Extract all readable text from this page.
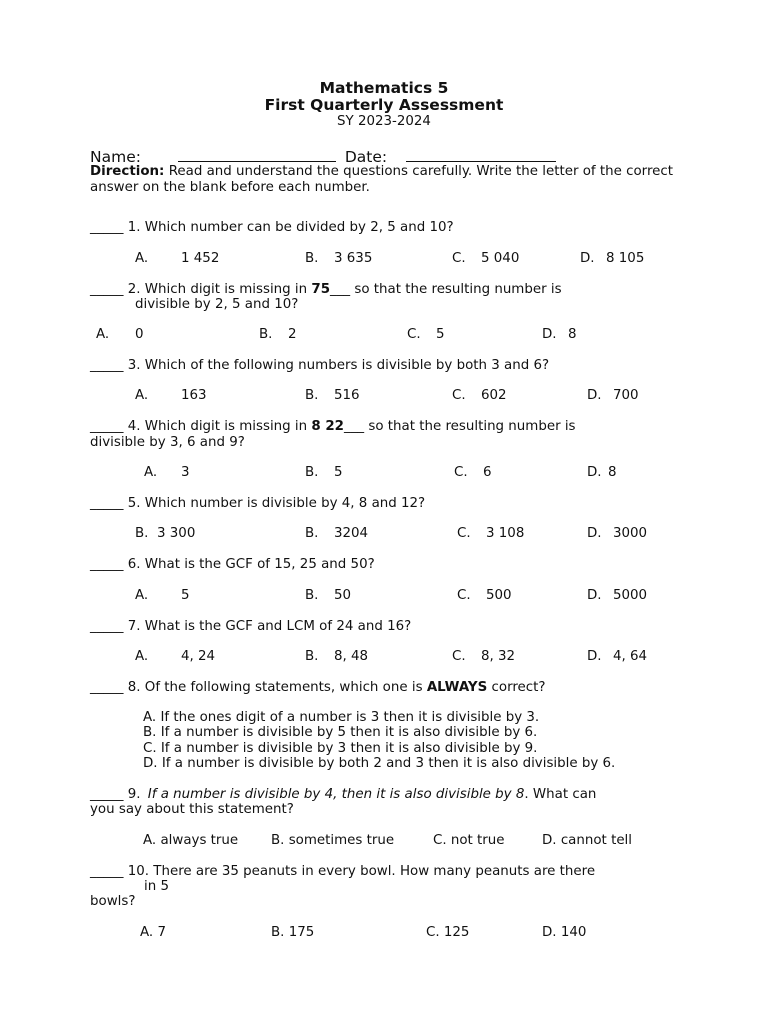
Mathematics 5
First Quarterly Assessment
SY 2023-2024
Name:	Date:
Direction: Read and understand the questions carefully. Write the letter of the correct answer on the blank before each number.
_____ 1. Which number can be divided by 2, 5 and 10?
A. 1 452	B. 3 635	C. 5 040	D. 8 105
_____ 2. Which digit is missing in 75___ so that the resulting number is
divisible by 2, 5 and 10?
A. 0	B. 2	C. 5	D. 8
_____ 3. Which of the following numbers is divisible by both 3 and 6?
A. 163	B. 516	C. 602	D. 700
_____ 4. Which digit is missing in 8 22___ so that the resulting number is
divisible by 3, 6 and 9?
A. 3	B. 5	C. 6	D. 8
_____ 5. Which number is divisible by 4, 8 and 12?
B. 3 300	B. 3204	C. 3 108	D. 3000
_____ 6. What is the GCF of 15, 25 and 50?
A. 5	B. 50	C. 500	D. 5000
_____ 7. What is the GCF and LCM of 24 and 16?
A. 4, 24	B. 8, 48	C. 8, 32	D. 4, 64
_____ 8. Of the following statements, which one is ALWAYS correct?
A. If the ones digit of a number is 3 then it is divisible by 3.
B. If a number is divisible by 5 then it is also divisible by 6.
C. If a number is divisible by 3 then it is also divisible by 9.
D. If a number is divisible by both 2 and 3 then it is also divisible by 6.
_____ 9. If a number is divisible by 4, then it is also divisible by 8. What can
you say about this statement?
A. always true B. sometimes true	C. not true	D. cannot tell
_____ 10. There are 35 peanuts in every bowl. How many peanuts are there
in 5
bowls?
A. 7	B. 175	C. 125	D. 140
